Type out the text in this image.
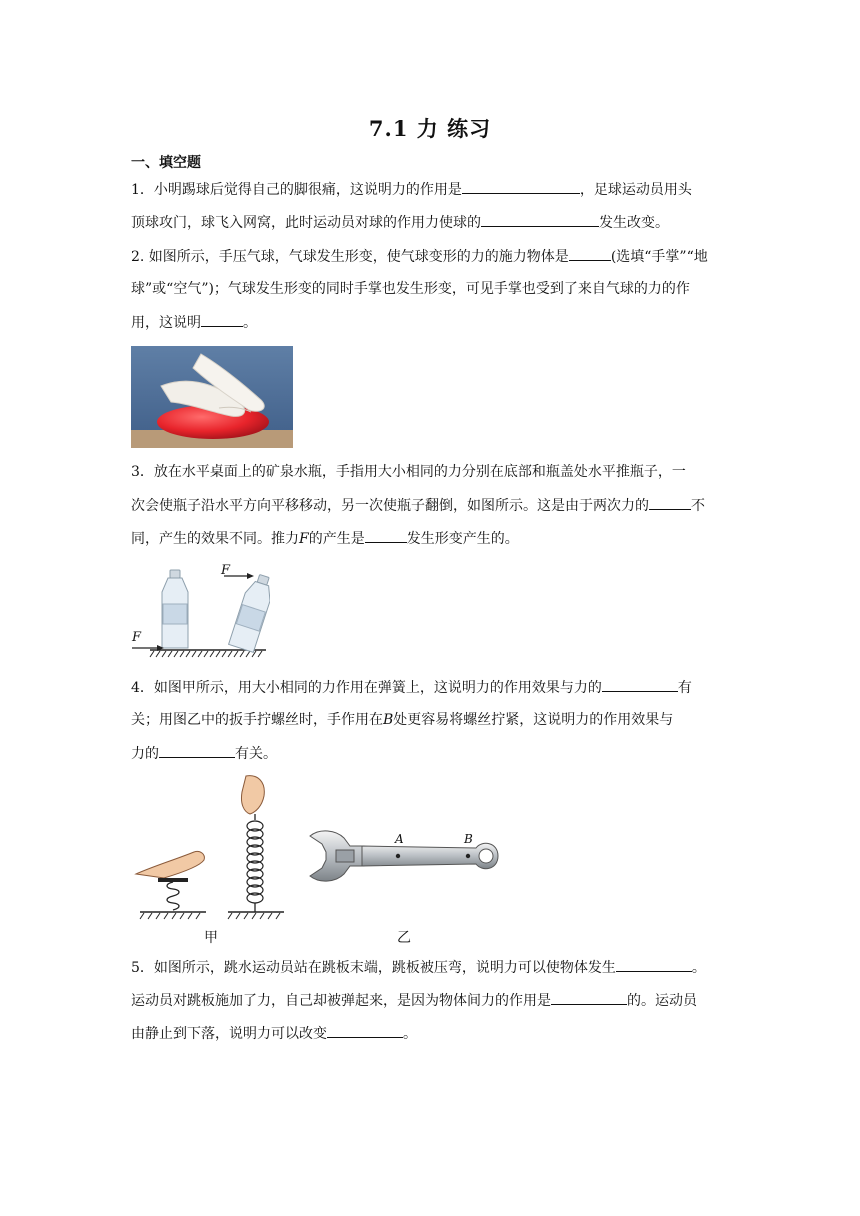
7.1 力 练习
一、填空题
1．小明踢球后觉得自己的脚很痛，这说明力的作用是	，足球运动员用头
顶球攻门，球飞入网窝，此时运动员对球的作用力使球的	发生改变。
2. 如图所示，手压气球，气球发生形变，使气球变形的力的施力物体是	(选填“手掌”“地
球”或“空气”)；气球发生形变的同时手掌也发生形变，可见手掌也受到了来自气球的力的作
用，这说明	。
3．放在水平桌面上的矿泉水瓶，手指用大小相同的力分别在底部和瓶盖处水平推瓶子，一
次会使瓶子沿水平方向平移移动，另一次使瓶子翻倒，如图所示。这是由于两次力的	不
同，产生的效果不同。推力F的产生是	发生形变产生的。
F
F
4．如图甲所示，用大小相同的力作用在弹簧上，这说明力的作用效果与力的	有
关；用图乙中的扳手拧螺丝时，手作用在B处更容易将螺丝拧紧，这说明力的作用效果与
力的	有关。
A	B
甲	乙
5．如图所示，跳水运动员站在跳板末端，跳板被压弯，说明力可以使物体发生	。
运动员对跳板施加了力，自己却被弹起来，是因为物体间力的作用是	的。运动员
由静止到下落，说明力可以改变	。
